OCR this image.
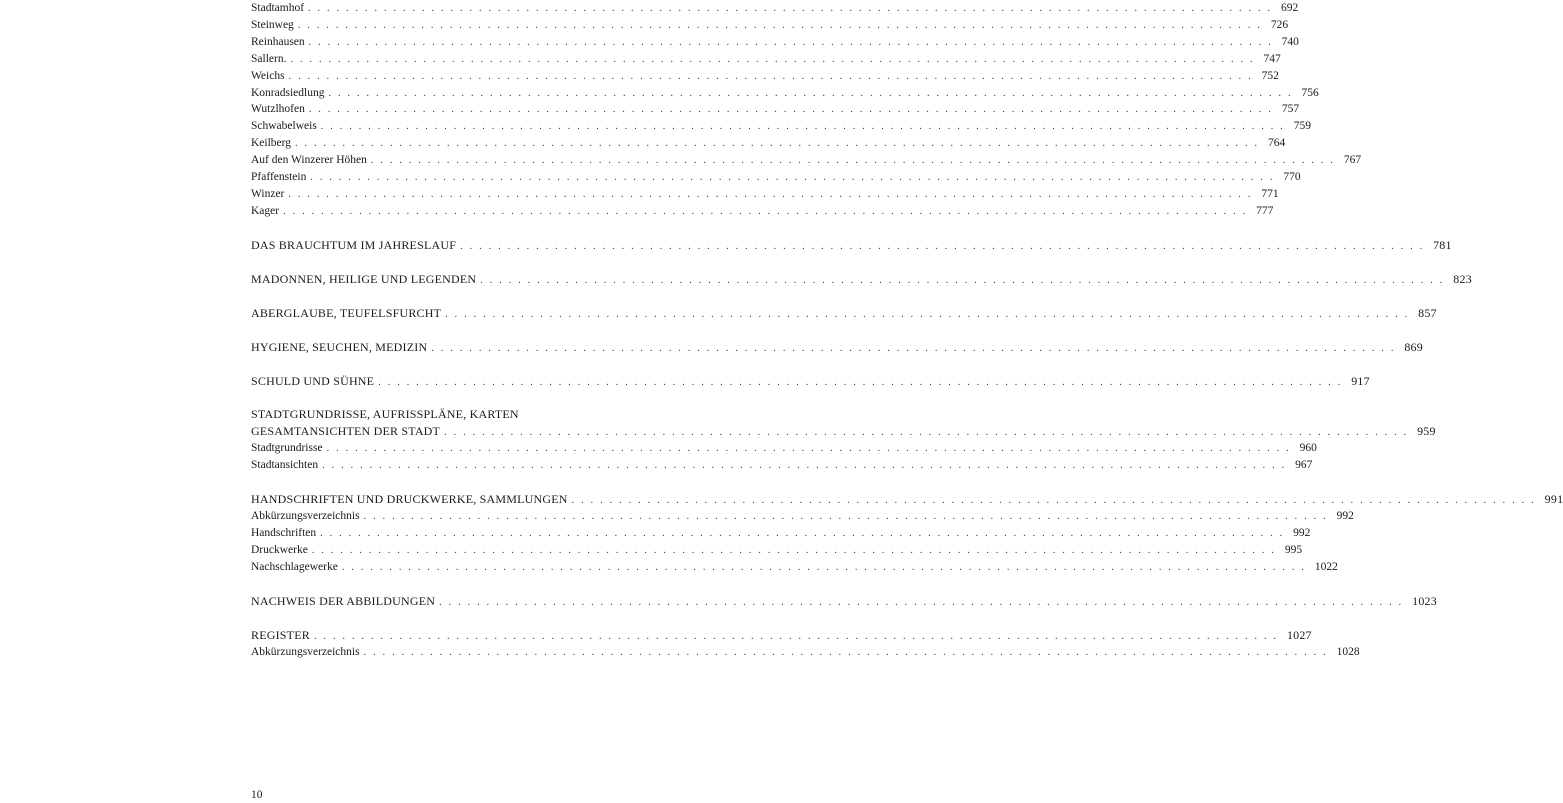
Stadtamhof ...................................................................................................... 692
Steinweg ...................................................................................................... 726
Reinhausen ...................................................................................................... 740
Sallern. ...................................................................................................... 747
Weichs ...................................................................................................... 752
Konradsiedlung ...................................................................................................... 756
Wutzlhofen ...................................................................................................... 757
Schwabelweis ...................................................................................................... 759
Keilberg ...................................................................................................... 764
Auf den Winzerer Höhen ...................................................................................................... 767
Pfaffenstein ...................................................................................................... 770
Winzer ...................................................................................................... 771
Kager ...................................................................................................... 777
DAS BRAUCHTUM IM JAHRESLAUF ...................................................................................................... 781
MADONNEN, HEILIGE UND LEGENDEN ...................................................................................................... 823
ABERGLAUBE, TEUFELSFURCHT ...................................................................................................... 857
HYGIENE, SEUCHEN, MEDIZIN ...................................................................................................... 869
SCHULD UND SÜHNE ...................................................................................................... 917
STADTGRUNDRISSE, AUFRISSPLÄNE, KARTEN
GESAMTANSICHTEN DER STADT ...................................................................................................... 959
Stadtgrundrisse ...................................................................................................... 960
Stadtansichten ...................................................................................................... 967
HANDSCHRIFTEN UND DRUCKWERKE, SAMMLUNGEN ...................................................................................................... 991
Abkürzungsverzeichnis ...................................................................................................... 992
Handschriften ...................................................................................................... 992
Druckwerke ...................................................................................................... 995
Nachschlagewerke ...................................................................................................... 1022
NACHWEIS DER ABBILDUNGEN ...................................................................................................... 1023
REGISTER ...................................................................................................... 1027
Abkürzungsverzeichnis ...................................................................................................... 1028
10
